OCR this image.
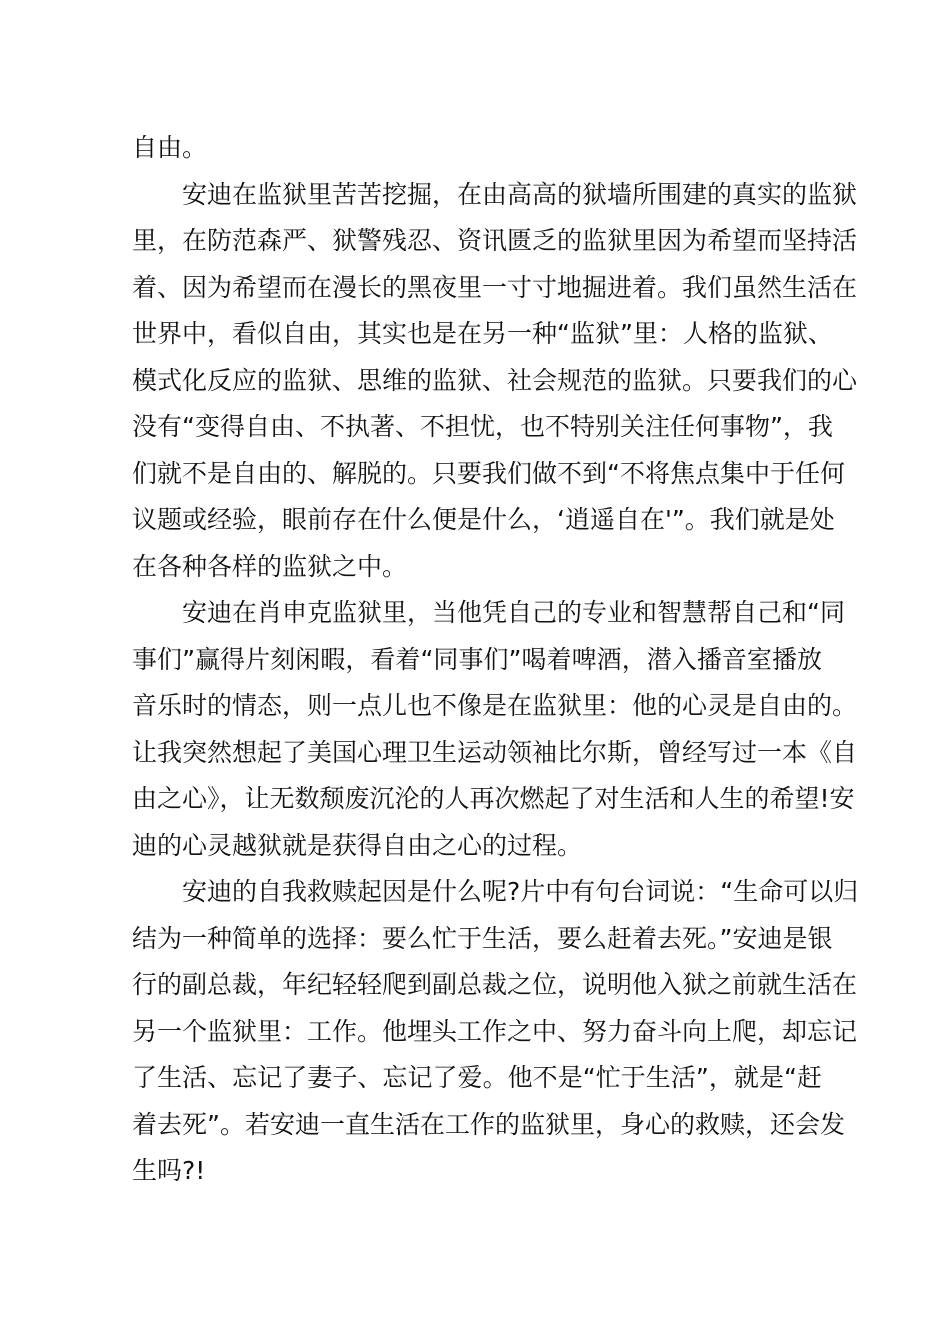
自由。
安迪在监狱里苦苦挖掘，在由高高的狱墙所围建的真实的监狱
里，在防范森严、狱警残忍、资讯匮乏的监狱里因为希望而坚持活
着、因为希望而在漫长的黑夜里一寸寸地掘进着。我们虽然生活在
世界中，看似自由，其实也是在另一种“监狱”里：人格的监狱、
模式化反应的监狱、思维的监狱、社会规范的监狱。只要我们的心
没有“变得自由、不执著、不担忧，也不特别关注任何事物”，我
们就不是自由的、解脱的。只要我们做不到“不将焦点集中于任何
议题或经验，眼前存在什么便是什么，‘逍遥自在'”。我们就是处
在各种各样的监狱之中。
安迪在肖申克监狱里，当他凭自己的专业和智慧帮自己和“同
事们”赢得片刻闲暇，看着“同事们”喝着啤酒，潜入播音室播放
音乐时的情态，则一点儿也不像是在监狱里：他的心灵是自由的。
让我突然想起了美国心理卫生运动领袖比尔斯，曾经写过一本《自
由之心》，让无数颓废沉沦的人再次燃起了对生活和人生的希望!安
迪的心灵越狱就是获得自由之心的过程。
安迪的自我救赎起因是什么呢?片中有句台词说：“生命可以归
结为一种简单的选择：要么忙于生活，要么赶着去死。”安迪是银
行的副总裁，年纪轻轻爬到副总裁之位，说明他入狱之前就生活在
另一个监狱里：工作。他埋头工作之中、努力奋斗向上爬，却忘记
了生活、忘记了妻子、忘记了爱。他不是“忙于生活”，就是“赶
着去死”。若安迪一直生活在工作的监狱里，身心的救赎，还会发
生吗?!
